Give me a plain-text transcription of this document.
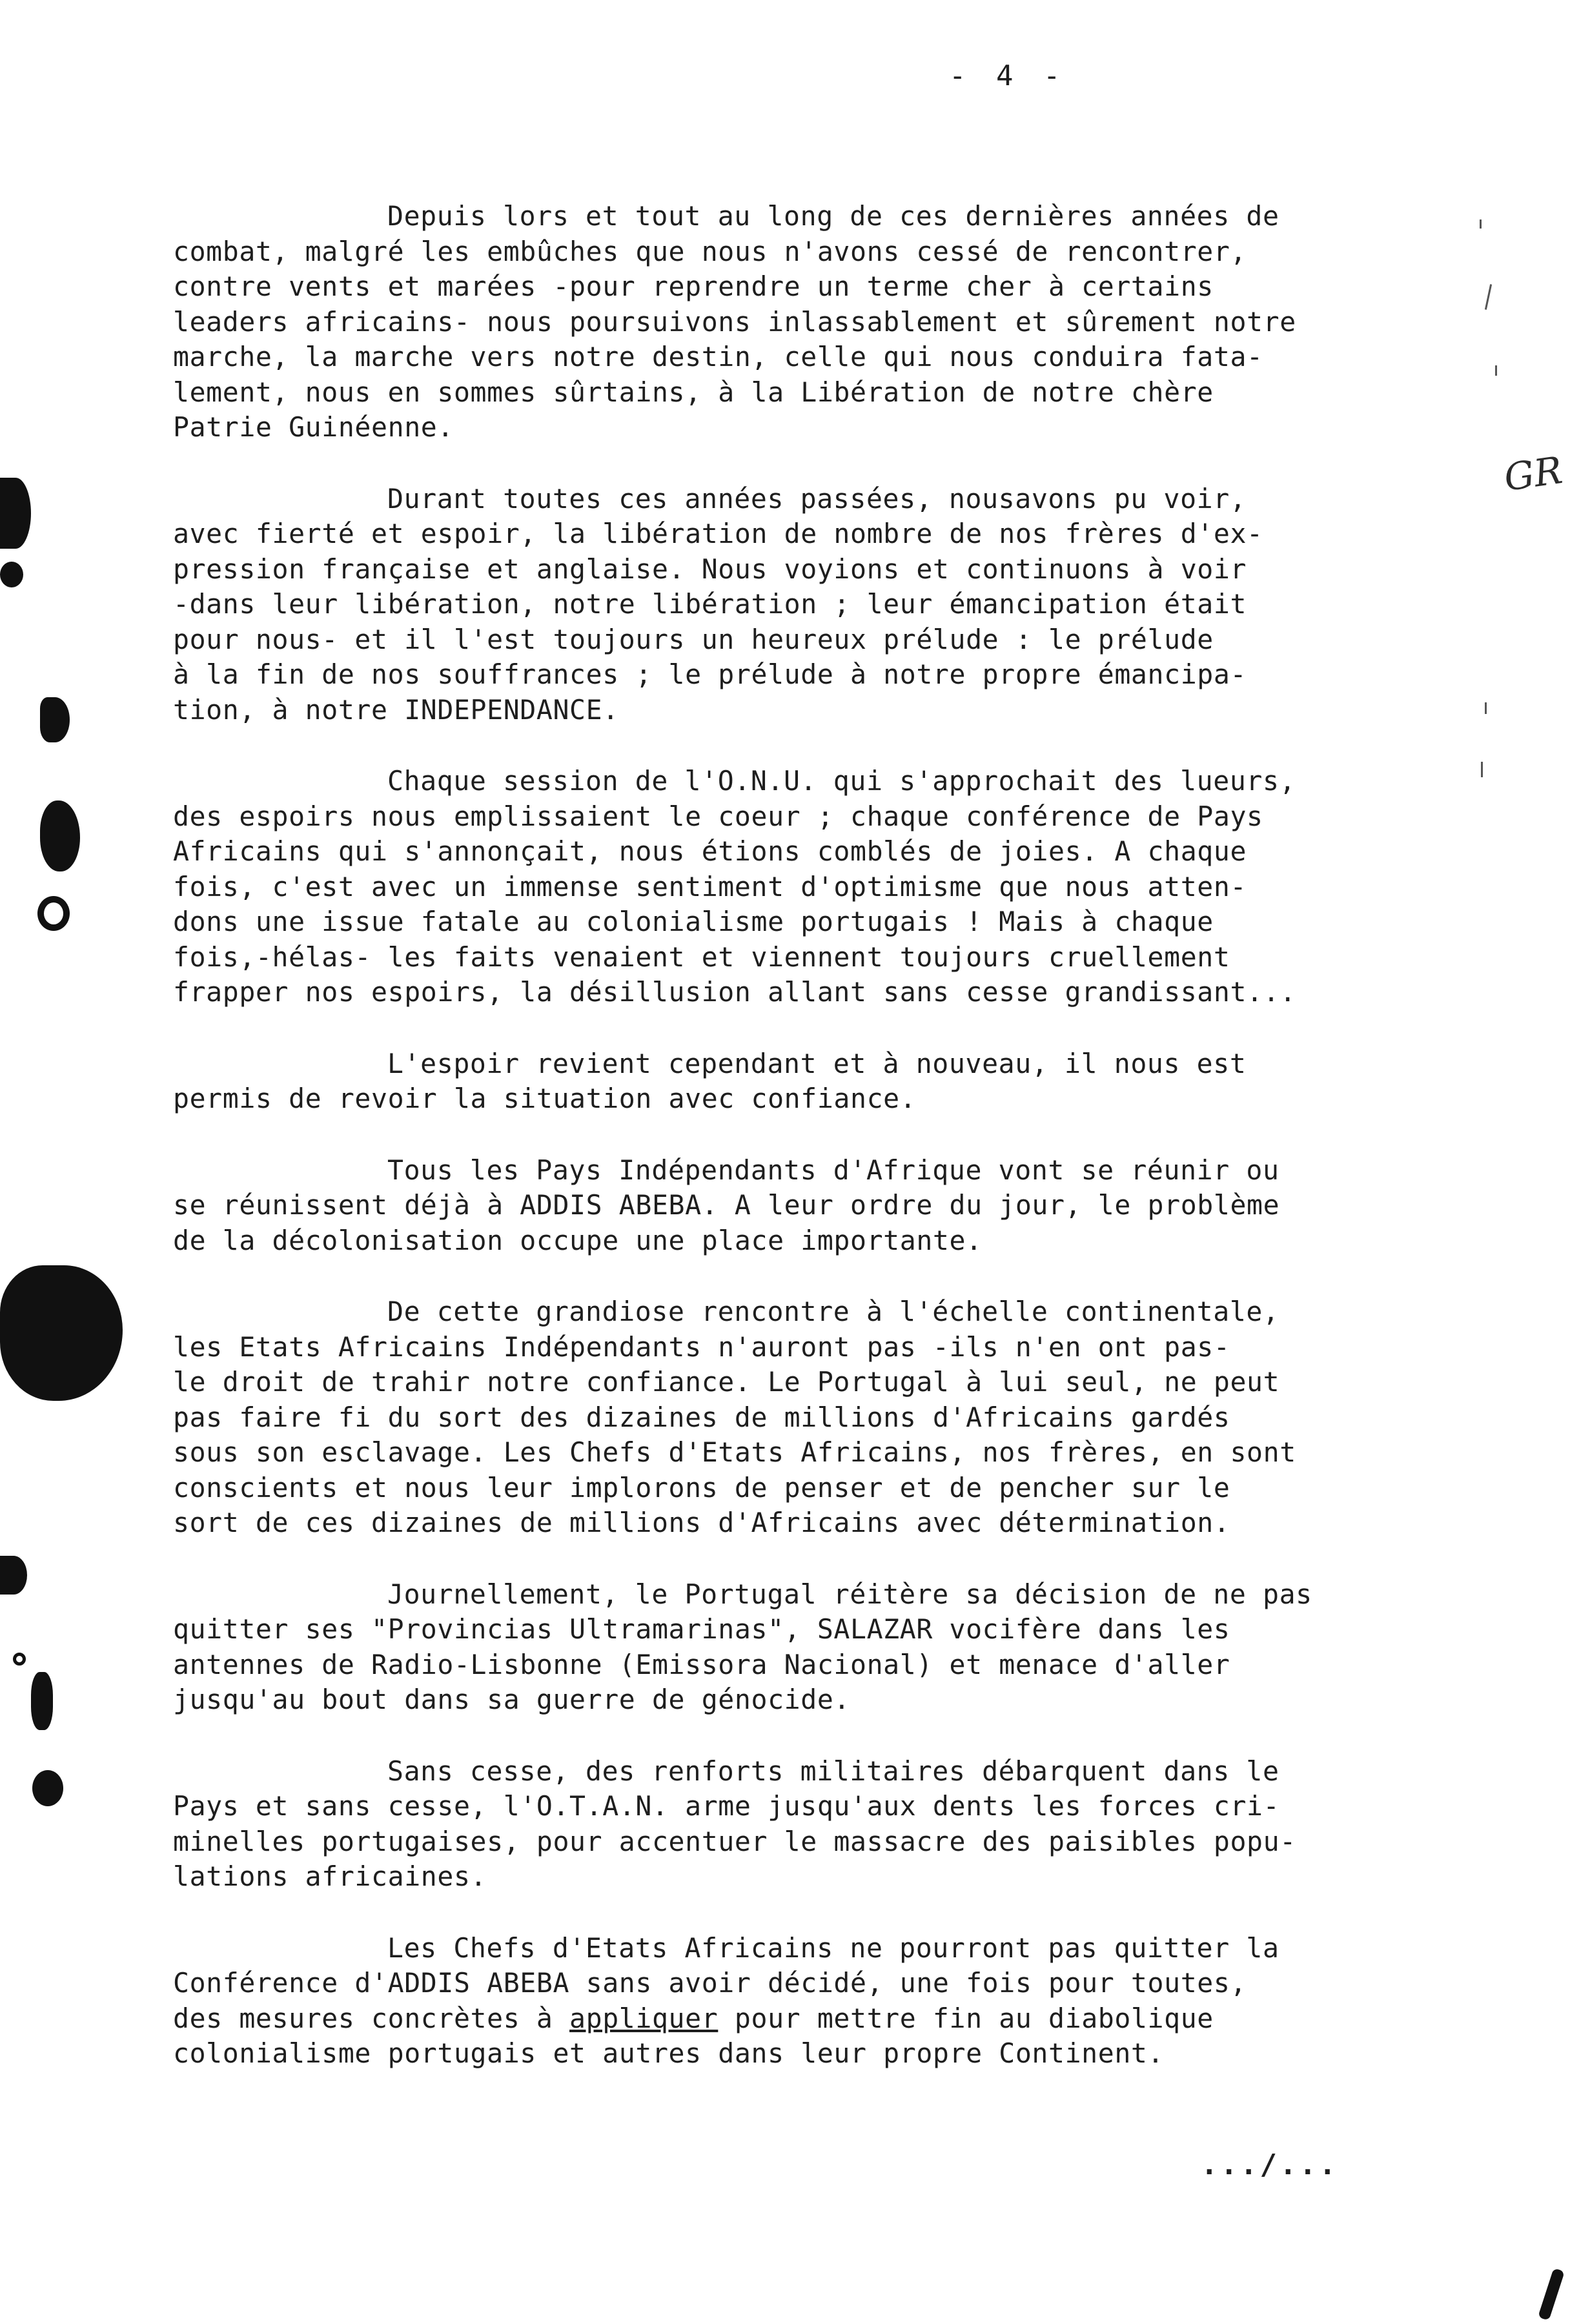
- 4 -
GR
Depuis lors et tout au long de ces dernières années de
combat, malgré les embûches que nous n'avons cessé de rencontrer,
contre vents et marées -pour reprendre un terme cher à certains
leaders africains- nous poursuivons inlassablement et sûrement notre
marche, la marche vers notre destin, celle qui nous conduira fata-
lement, nous en sommes sûrtains, à la Libération de notre chère
Patrie Guinéenne.
Durant toutes ces années passées, nousavons pu voir,
avec fierté et espoir, la libération de nombre de nos frères d'ex-
pression française et anglaise. Nous voyions et continuons à voir
-dans leur libération, notre libération ; leur émancipation était
pour nous- et il l'est toujours un heureux prélude : le prélude
à la fin de nos souffrances ; le prélude à notre propre émancipa-
tion, à notre INDEPENDANCE.
Chaque session de l'O.N.U. qui s'approchait des lueurs,
des espoirs nous emplissaient le coeur ; chaque conférence de Pays
Africains qui s'annonçait, nous étions comblés de joies. A chaque
fois, c'est avec un immense sentiment d'optimisme que nous atten-
dons une issue fatale au colonialisme portugais ! Mais à chaque
fois,-hélas- les faits venaient et viennent toujours cruellement
frapper nos espoirs, la désillusion allant sans cesse grandissant...
L'espoir revient cependant et à nouveau, il nous est
permis de revoir la situation avec confiance.
Tous les Pays Indépendants d'Afrique vont se réunir ou
se réunissent déjà à ADDIS ABEBA. A leur ordre du jour, le problème
de la décolonisation occupe une place importante.
De cette grandiose rencontre à l'échelle continentale,
les Etats Africains Indépendants n'auront pas -ils n'en ont pas-
le droit de trahir notre confiance. Le Portugal à lui seul, ne peut
pas faire fi du sort des dizaines de millions d'Africains gardés
sous son esclavage. Les Chefs d'Etats Africains, nos frères, en sont
conscients et nous leur implorons de penser et de pencher sur le
sort de ces dizaines de millions d'Africains avec détermination.
Journellement, le Portugal réitère sa décision de ne pas
quitter ses "Provincias Ultramarinas", SALAZAR vocifère dans les
antennes de Radio-Lisbonne (Emissora Nacional) et menace d'aller
jusqu'au bout dans sa guerre de génocide.
Sans cesse, des renforts militaires débarquent dans le
Pays et sans cesse, l'O.T.A.N. arme jusqu'aux dents les forces cri-
minelles portugaises, pour accentuer le massacre des paisibles popu-
lations africaines.
Les Chefs d'Etats Africains ne pourront pas quitter la
Conférence d'ADDIS ABEBA sans avoir décidé, une fois pour toutes,
des mesures concrètes à appliquer pour mettre fin au diabolique
colonialisme portugais et autres dans leur propre Continent.
.../...
